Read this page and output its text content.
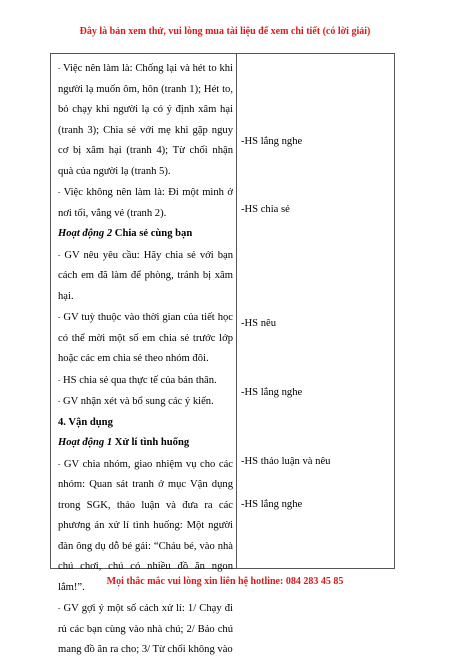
Đây là bản xem thử, vui lòng mua tài liệu để xem chi tiết (có lời giải)

- Việc nên làm là: Chống lại và hét to khi người lạ muốn ôm, hôn (tranh 1); Hét to, bỏ chạy khi người lạ có ý định xâm hại (tranh 3); Chia sẻ với mẹ khi gặp nguy cơ bị xâm hại (tranh 4); Từ chối nhận quà của người lạ (tranh 5).

- Việc không nên làm là: Đi một mình ở nơi tối, vắng vẻ (tranh 2).

Hoạt động 2 Chia sẻ cùng bạn

- GV nêu yêu cầu: Hãy chia sẻ với bạn cách em đã làm để phòng, tránh bị xâm hại.

- GV tuỳ thuộc vào thời gian của tiết học có thể mời một số em chia sẻ trước lớp hoặc các em chia sẻ theo nhóm đôi.

- HS chia sẻ qua thực tế của bản thân.

- GV nhận xét và bổ sung các ý kiến.

4. Vận dụng

Hoạt động 1 Xử lí tình huống

- GV chia nhóm, giao nhiệm vụ cho các nhóm: Quan sát tranh ở mục Vận dụng trong SGK, thảo luận và đưa ra các phương án xử lí tình huống: Một người đàn ông dụ dỗ bé gái: “Cháu bé, vào nhà chú chơi, chú có nhiều đồ ăn ngon lắm!”.

- GV gợi ý một số cách xử lí: 1/ Chạy đi rủ các bạn cùng vào nhà chú; 2/ Bảo chú mang đồ ăn ra cho; 3/ Từ chối không vào

-HS lắng nghe
-HS chia sẻ
-HS nêu
-HS lắng nghe
-HS thảo luận và nêu
-HS lắng nghe
Mọi thắc mắc vui lòng xin liên hệ hotline: 084 283 45 85
